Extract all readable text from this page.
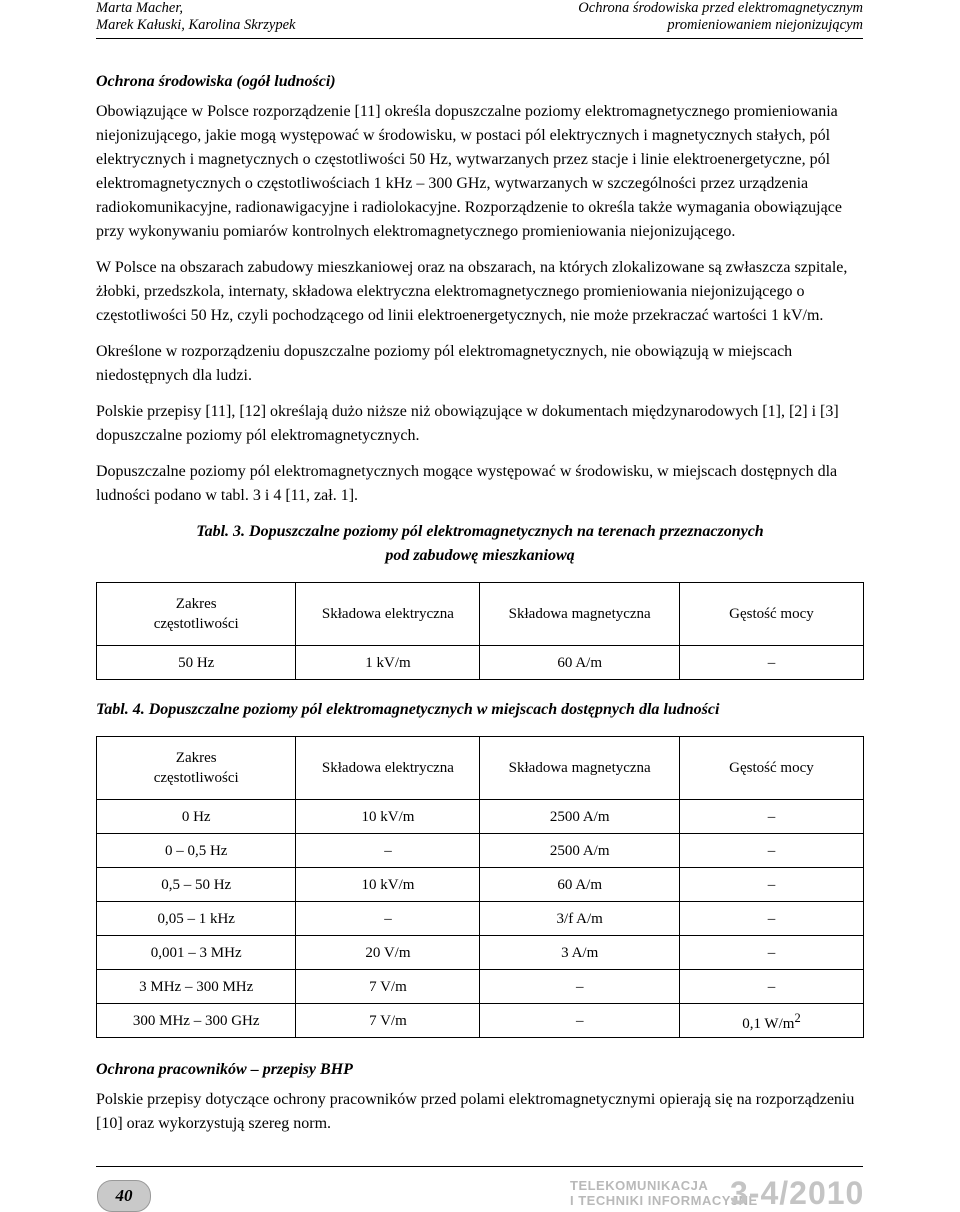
Marta Macher,
Marek Kałuski, Karolina Skrzypek
Ochrona środowiska przed elektromagnetycznym
promieniowaniem niejonizującym
Ochrona środowiska (ogół ludności)

Obowiązujące w Polsce rozporządzenie [11] określa dopuszczalne poziomy elektromagnetycznego promieniowania niejonizującego, jakie mogą występować w środowisku, w postaci pól elektrycznych i magnetycznych stałych, pól elektrycznych i magnetycznych o częstotliwości 50 Hz, wytwarzanych przez stacje i linie elektroenergetyczne, pól elektromagnetycznych o częstotliwościach 1 kHz – 300 GHz, wytwarzanych w szczególności przez urządzenia radiokomunikacyjne, radionawigacyjne i radiolokacyjne. Rozporządzenie to określa także wymagania obowiązujące przy wykonywaniu pomiarów kontrolnych elektromagnetycznego promieniowania niejonizującego.

W Polsce na obszarach zabudowy mieszkaniowej oraz na obszarach, na których zlokalizowane są zwłaszcza szpitale, żłobki, przedszkola, internaty, składowa elektryczna elektromagnetycznego promieniowania niejonizującego o częstotliwości 50 Hz, czyli pochodzącego od linii elektroenergetycznych, nie może przekraczać wartości 1 kV/m.

Określone w rozporządzeniu dopuszczalne poziomy pól elektromagnetycznych, nie obowiązują w miejscach niedostępnych dla ludzi.

Polskie przepisy [11], [12] określają dużo niższe niż obowiązujące w dokumentach międzynarodowych [1], [2] i [3] dopuszczalne poziomy pól elektromagnetycznych.

Dopuszczalne poziomy pól elektromagnetycznych mogące występować w środowisku, w miejscach dostępnych dla ludności podano w tabl. 3 i 4 [11, zał. 1].

Tabl. 3. Dopuszczalne poziomy pól elektromagnetycznych na terenach przeznaczonych
pod zabudowę mieszkaniową
Zakres
częstotliwości	Składowa elektryczna	Składowa magnetyczna	Gęstość mocy
50 Hz	1 kV/m	60 A/m	–
Tabl. 4. Dopuszczalne poziomy pól elektromagnetycznych w miejscach dostępnych dla ludności
Zakres
częstotliwości	Składowa elektryczna	Składowa magnetyczna	Gęstość mocy
0 Hz	10 kV/m	2500 A/m	–
0 – 0,5 Hz	–	2500 A/m	–
0,5 – 50 Hz	10 kV/m	60 A/m	–
0,05 – 1 kHz	–	3/f A/m	–
0,001 – 3 MHz	20 V/m	3 A/m	–
3 MHz – 300 MHz	7 V/m	–	–
300 MHz – 300 GHz	7 V/m	–	0,1 $W/m^2$
Ochrona pracowników – przepisy BHP

Polskie przepisy dotyczące ochrony pracowników przed polami elektromagnetycznymi opierają się na rozporządzeniu [10] oraz wykorzystują szereg norm.

40
TELEKOMUNIKACJA
I TECHNIKI INFORMACYJNE
3-4/2010
